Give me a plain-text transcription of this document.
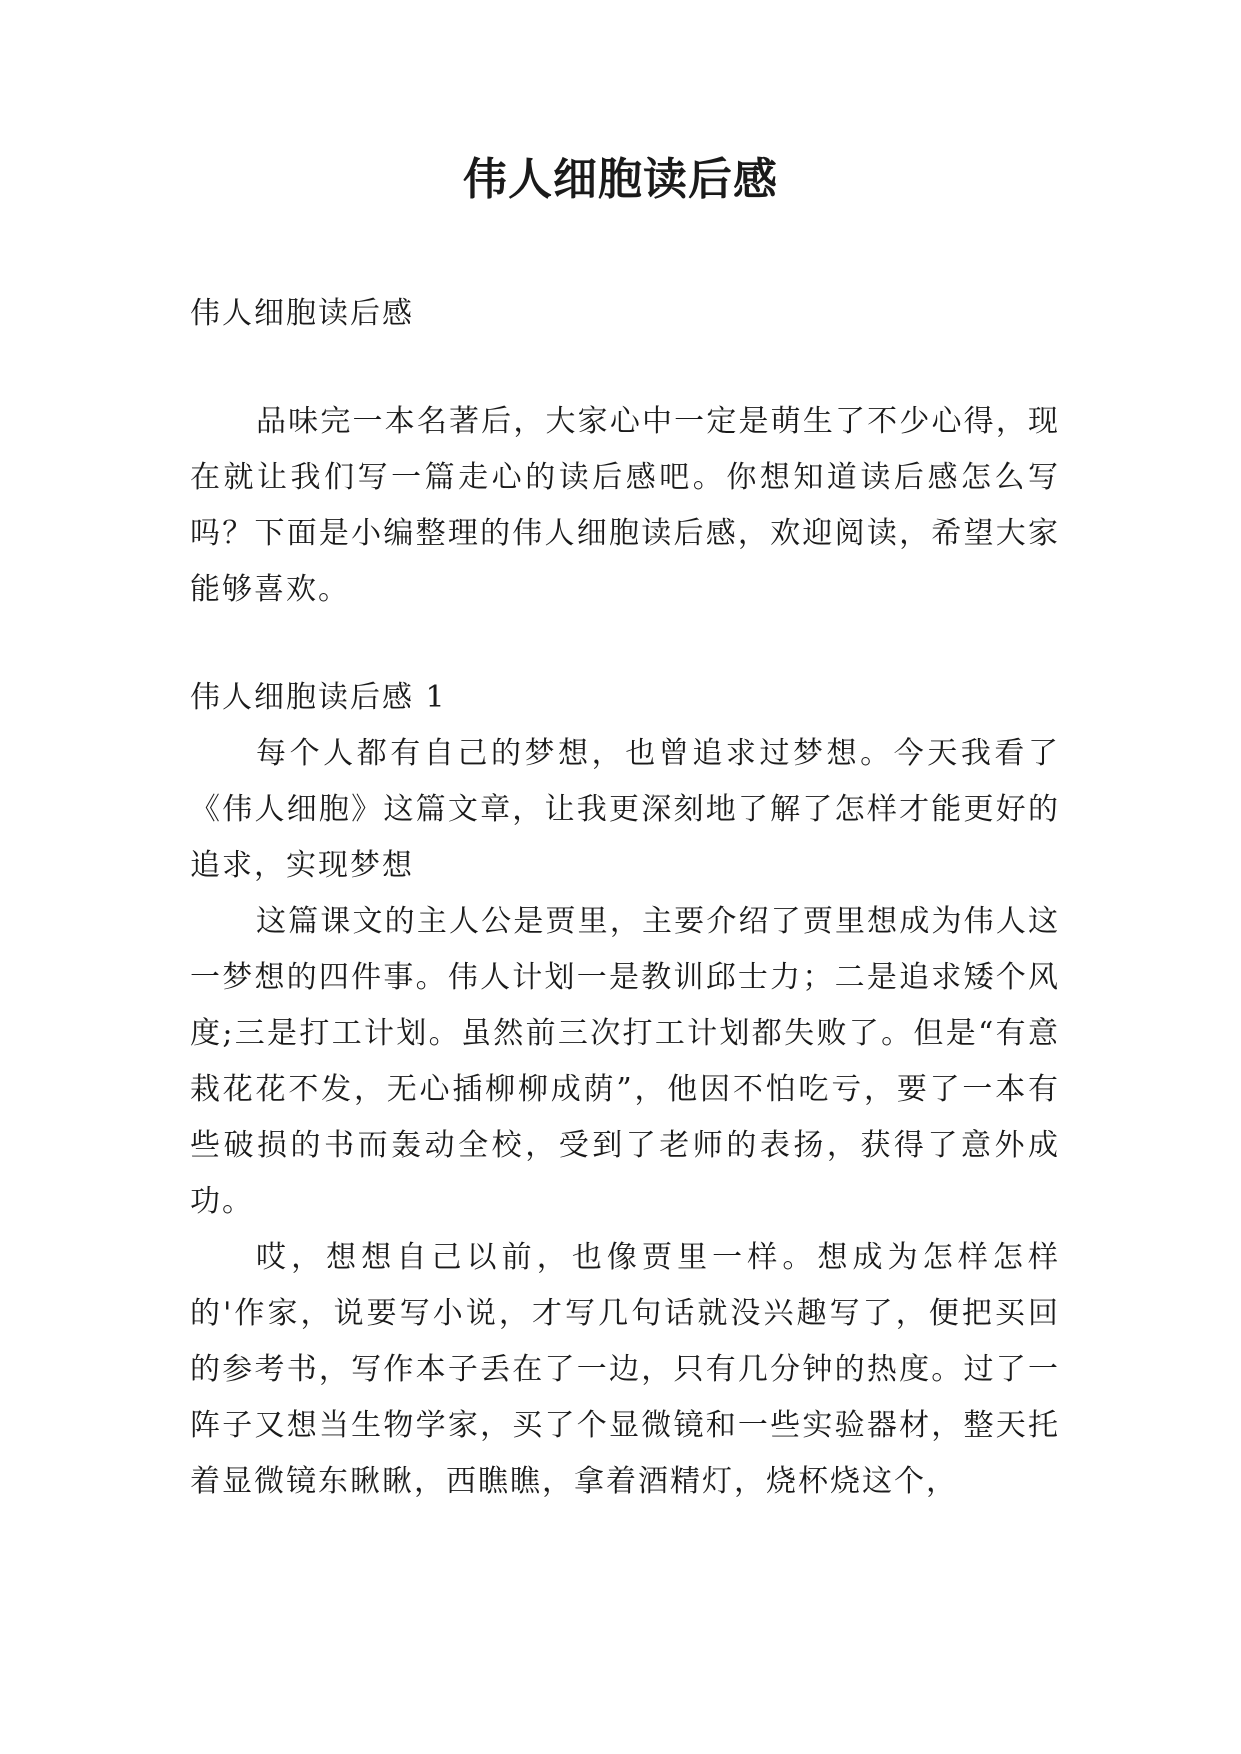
伟人细胞读后感

伟人细胞读后感

品味完一本名著后，大家心中一定是萌生了不少心得，现在就让我们写一篇走心的读后感吧。你想知道读后感怎么写吗？下面是小编整理的伟人细胞读后感，欢迎阅读，希望大家能够喜欢。

伟人细胞读后感 1

每个人都有自己的梦想，也曾追求过梦想。今天我看了《伟人细胞》这篇文章，让我更深刻地了解了怎样才能更好的追求，实现梦想

这篇课文的主人公是贾里，主要介绍了贾里想成为伟人这一梦想的四件事。伟人计划一是教训邱士力；二是追求矮个风度;三是打工计划。虽然前三次打工计划都失败了。但是“有意栽花花不发，无心插柳柳成荫”，他因不怕吃亏，要了一本有些破损的书而轰动全校，受到了老师的表扬，获得了意外成功。

哎，想想自己以前，也像贾里一样。想成为怎样怎样的'作家，说要写小说，才写几句话就没兴趣写了，便把买回的参考书，写作本子丢在了一边，只有几分钟的热度。过了一阵子又想当生物学家，买了个显微镜和一些实验器材，整天托着显微镜东瞅瞅，西瞧瞧，拿着酒精灯，烧杯烧这个，
